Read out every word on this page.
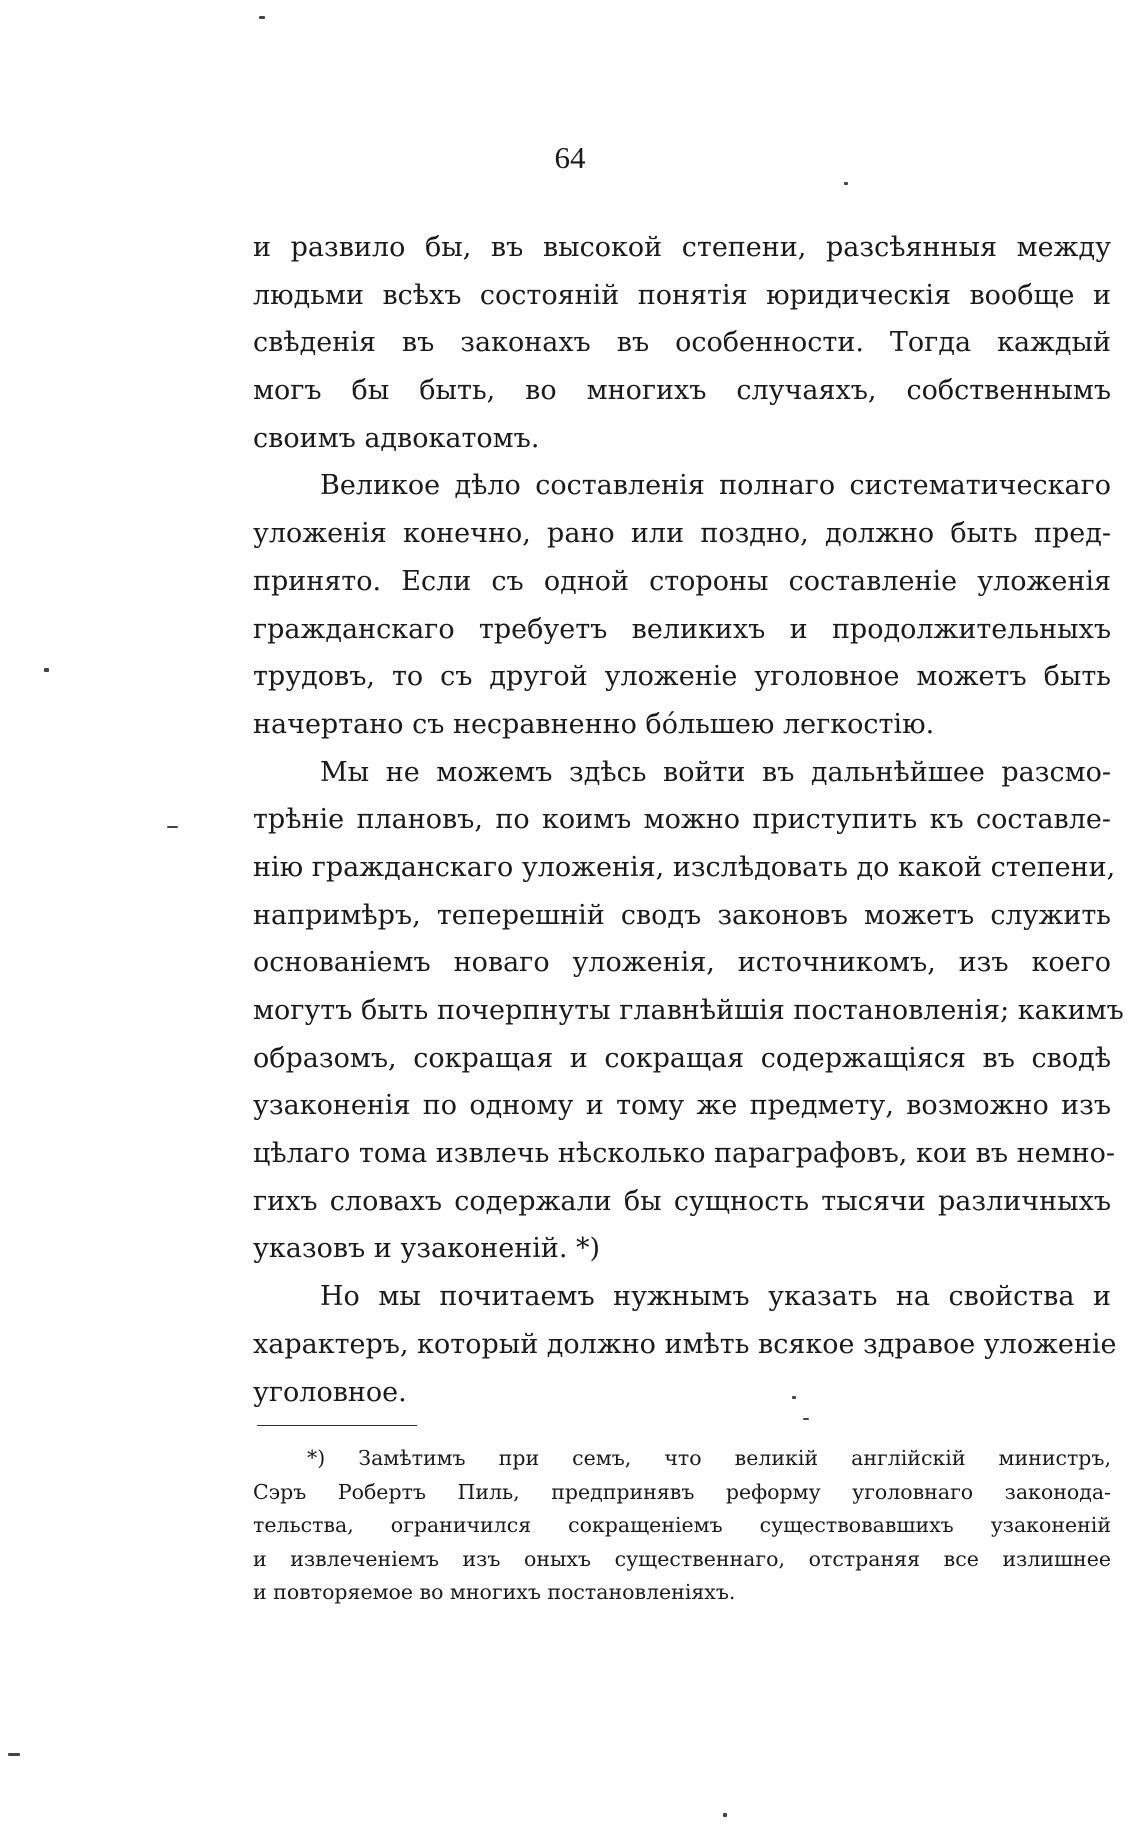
64
и развило бы, въ высокой степени, разсѣянныя между
людьми всѣхъ состояній понятія юридическія вообще и
свѣденія въ законахъ въ особенности. Тогда каждый
могъ бы быть, во многихъ случаяхъ, собственнымъ
своимъ адвокатомъ.
Великое дѣло составленія полнаго систематическаго
уложенія конечно, рано или поздно, должно быть пред-
принято. Если съ одной стороны составленіе уложенія
гражданскаго требуетъ великихъ и продолжительныхъ
трудовъ, то съ другой уложеніе уголовное можетъ быть
начертано съ несравненно бóльшею легкостію.
Мы не можемъ здѣсь войти въ дальнѣйшее разсмо-
трѣніе плановъ, по коимъ можно приступить къ составле-
нію гражданскаго уложенія, изслѣдовать до какой степени,
напримѣръ, теперешній сводъ законовъ можетъ служить
основаніемъ новаго уложенія, источникомъ, изъ коего
могутъ быть почерпнуты главнѣйшія постановленія; какимъ
образомъ, сокращая и сокращая содержащіяся въ сводѣ
узаконенія по одному и тому же предмету, возможно изъ
цѣлаго тома извлечь нѣсколько параграфовъ, кои въ немно-
гихъ словахъ содержали бы сущность тысячи различныхъ
указовъ и узаконеній. *)
Но мы почитаемъ нужнымъ указать на свойства и
характеръ, который должно имѣть всякое здравое уложеніе
уголовное.
*) Замѣтимъ при семъ, что великій англійскій министръ,
Сэръ Робертъ Пиль, предпринявъ реформу уголовнаго законода-
тельства, ограничился сокращеніемъ существовавшихъ узаконеній
и извлеченіемъ изъ оныхъ существеннаго, отстраняя все излишнее
и повторяемое во многихъ постановленіяхъ.
